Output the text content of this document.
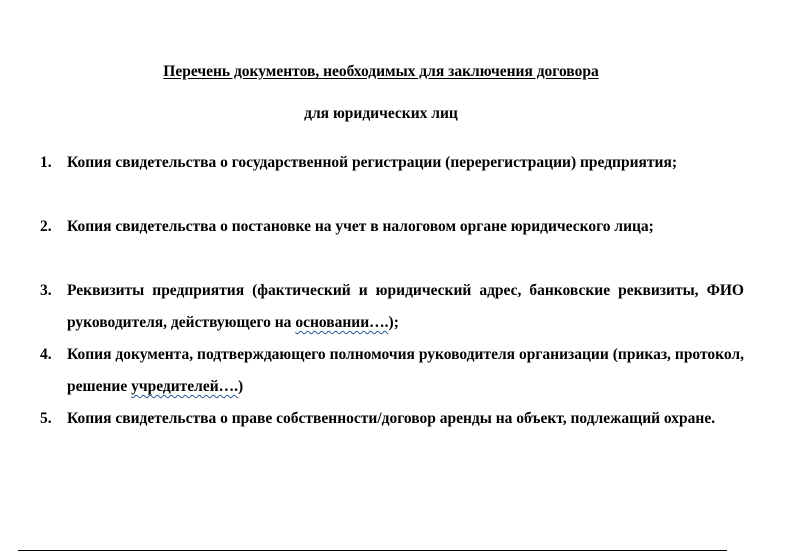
Перечень документов, необходимых для заключения договора
для юридических лиц
1. Копия свидетельства о государственной регистрации (перерегистрации) предприятия;
2. Копия свидетельства о постановке на учет в налоговом органе юридического лица;
3. Реквизиты предприятия (фактический и юридический адрес, банковские реквизиты, ФИО руководителя, действующего на основании….);
4. Копия документа, подтверждающего полномочия руководителя организации (приказ, протокол, решение учредителей….)
5. Копия свидетельства о праве собственности/договор аренды на объект, подлежащий охране.
